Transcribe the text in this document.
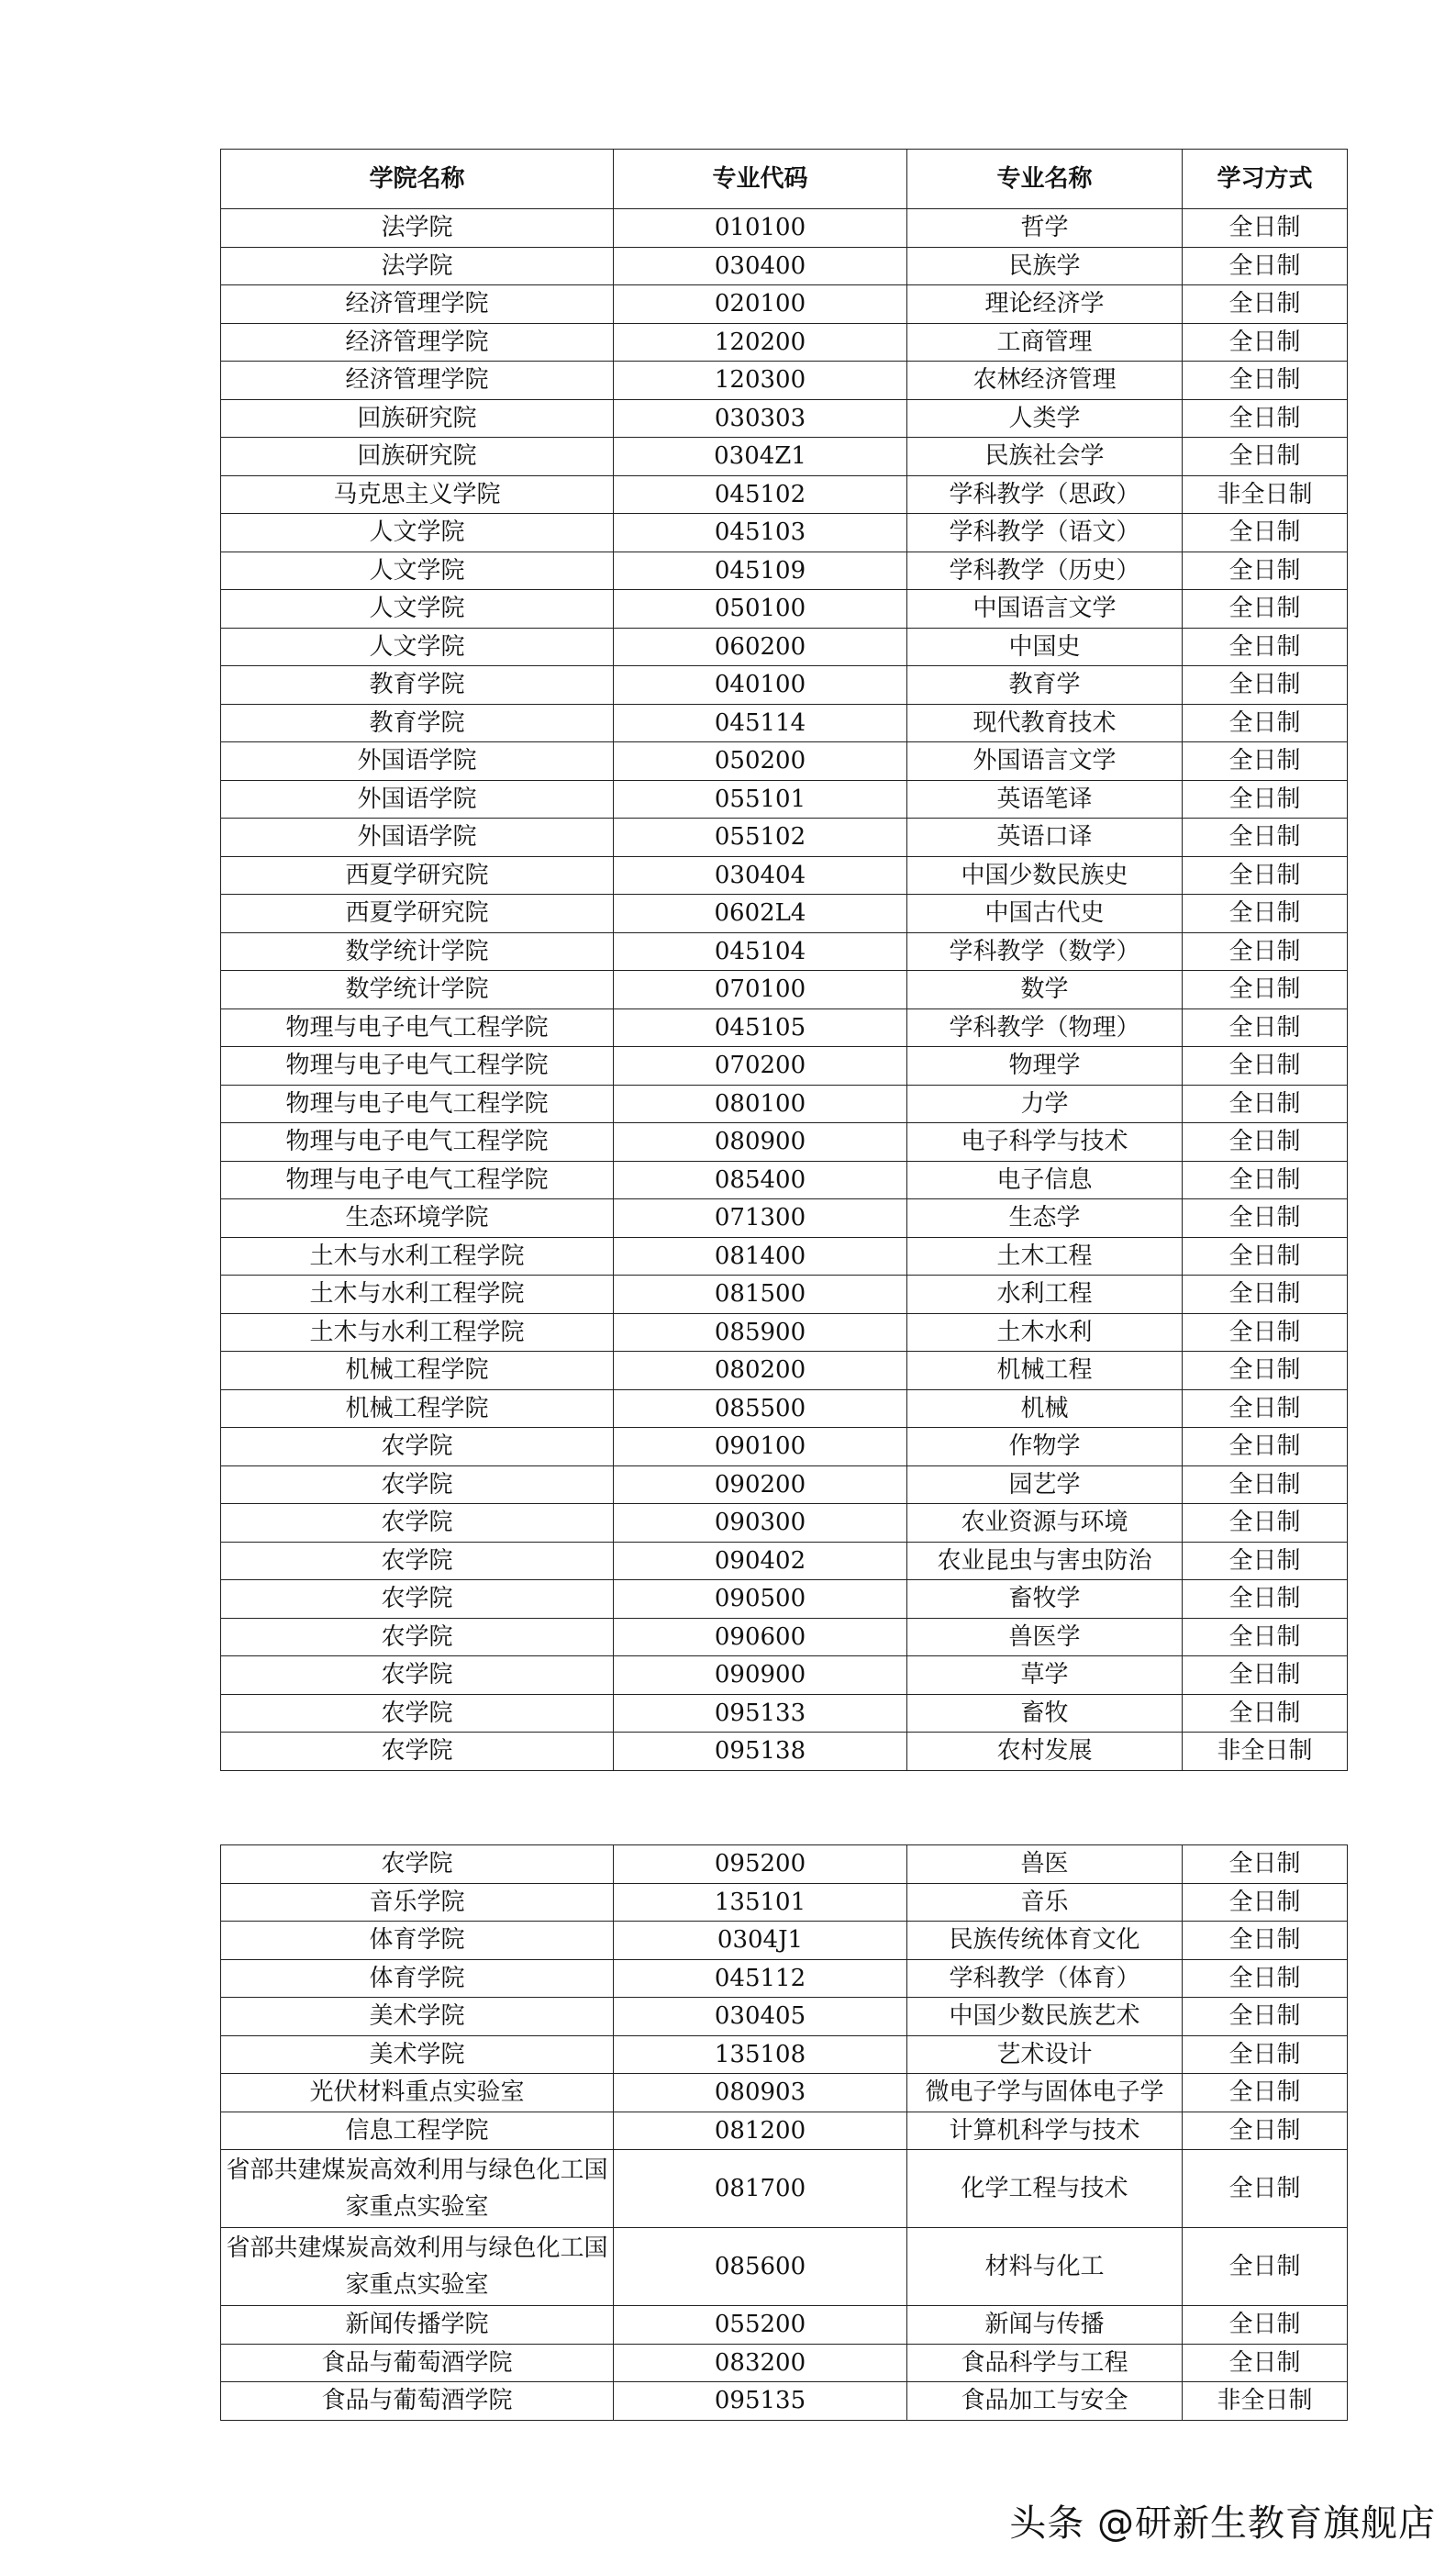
学院名称	专业代码	专业名称	学习方式
法学院	010100	哲学	全日制
法学院	030400	民族学	全日制
经济管理学院	020100	理论经济学	全日制
经济管理学院	120200	工商管理	全日制
经济管理学院	120300	农林经济管理	全日制
回族研究院	030303	人类学	全日制
回族研究院	0304Z1	民族社会学	全日制
马克思主义学院	045102	学科教学（思政）	非全日制
人文学院	045103	学科教学（语文）	全日制
人文学院	045109	学科教学（历史）	全日制
人文学院	050100	中国语言文学	全日制
人文学院	060200	中国史	全日制
教育学院	040100	教育学	全日制
教育学院	045114	现代教育技术	全日制
外国语学院	050200	外国语言文学	全日制
外国语学院	055101	英语笔译	全日制
外国语学院	055102	英语口译	全日制
西夏学研究院	030404	中国少数民族史	全日制
西夏学研究院	0602L4	中国古代史	全日制
数学统计学院	045104	学科教学（数学）	全日制
数学统计学院	070100	数学	全日制
物理与电子电气工程学院	045105	学科教学（物理）	全日制
物理与电子电气工程学院	070200	物理学	全日制
物理与电子电气工程学院	080100	力学	全日制
物理与电子电气工程学院	080900	电子科学与技术	全日制
物理与电子电气工程学院	085400	电子信息	全日制
生态环境学院	071300	生态学	全日制
土木与水利工程学院	081400	土木工程	全日制
土木与水利工程学院	081500	水利工程	全日制
土木与水利工程学院	085900	土木水利	全日制
机械工程学院	080200	机械工程	全日制
机械工程学院	085500	机械	全日制
农学院	090100	作物学	全日制
农学院	090200	园艺学	全日制
农学院	090300	农业资源与环境	全日制
农学院	090402	农业昆虫与害虫防治	全日制
农学院	090500	畜牧学	全日制
农学院	090600	兽医学	全日制
农学院	090900	草学	全日制
农学院	095133	畜牧	全日制
农学院	095138	农村发展	非全日制
农学院	095200	兽医	全日制
音乐学院	135101	音乐	全日制
体育学院	0304J1	民族传统体育文化	全日制
体育学院	045112	学科教学（体育）	全日制
美术学院	030405	中国少数民族艺术	全日制
美术学院	135108	艺术设计	全日制
光伏材料重点实验室	080903	微电子学与固体电子学	全日制
信息工程学院	081200	计算机科学与技术	全日制
省部共建煤炭高效利用与绿色化工国家重点实验室	081700	化学工程与技术	全日制
省部共建煤炭高效利用与绿色化工国家重点实验室	085600	材料与化工	全日制
新闻传播学院	055200	新闻与传播	全日制
食品与葡萄酒学院	083200	食品科学与工程	全日制
食品与葡萄酒学院	095135	食品加工与安全	非全日制
头条 @研新生教育旗舰店
